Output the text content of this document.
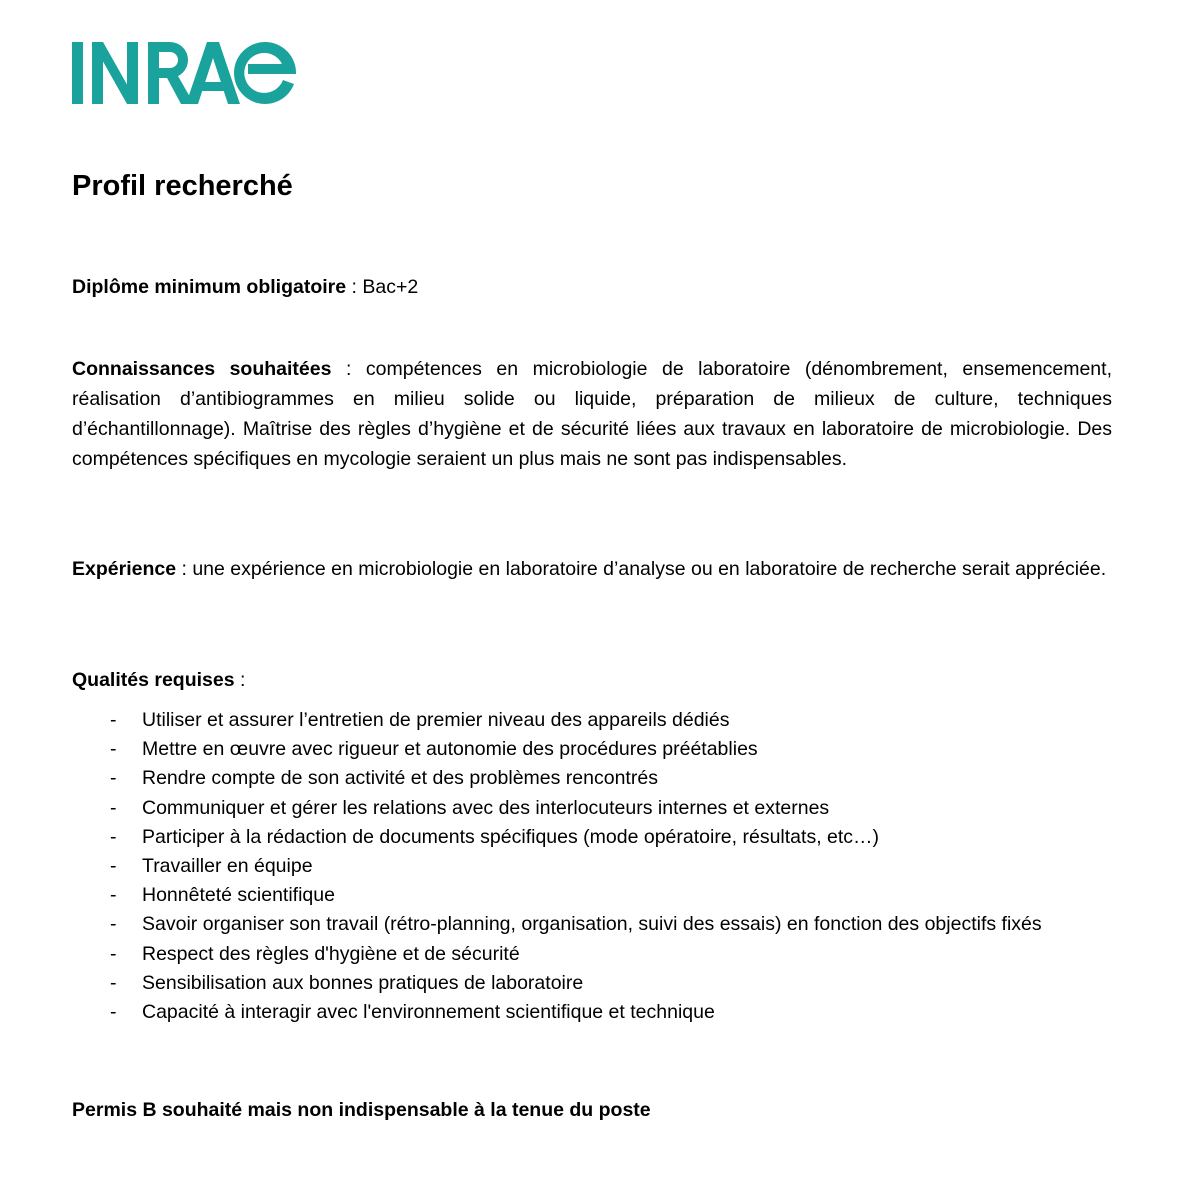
Profil recherché

Diplôme minimum obligatoire : Bac+2

Connaissances souhaitées : compétences en microbiologie de laboratoire (dénombrement, ensemencement, réalisation d’antibiogrammes en milieu solide ou liquide, préparation de milieux de culture, techniques d’échantillonnage). Maîtrise des règles d’hygiène et de sécurité liées aux travaux en laboratoire de microbiologie. Des compétences spécifiques en mycologie seraient un plus mais ne sont pas indispensables.

Expérience : une expérience en microbiologie en laboratoire d’analyse ou en laboratoire de recherche serait appréciée.

Qualités requises :

- Utiliser et assurer l’entretien de premier niveau des appareils dédiés
- Mettre en œuvre avec rigueur et autonomie des procédures préétablies
- Rendre compte de son activité et des problèmes rencontrés
- Communiquer et gérer les relations avec des interlocuteurs internes et externes
- Participer à la rédaction de documents spécifiques (mode opératoire, résultats, etc…)
- Travailler en équipe
- Honnêteté scientifique
- Savoir organiser son travail (rétro-planning, organisation, suivi des essais) en fonction des objectifs fixés
- Respect des règles d'hygiène et de sécurité
- Sensibilisation aux bonnes pratiques de laboratoire
- Capacité à interagir avec l'environnement scientifique et technique

Permis B souhaité mais non indispensable à la tenue du poste
